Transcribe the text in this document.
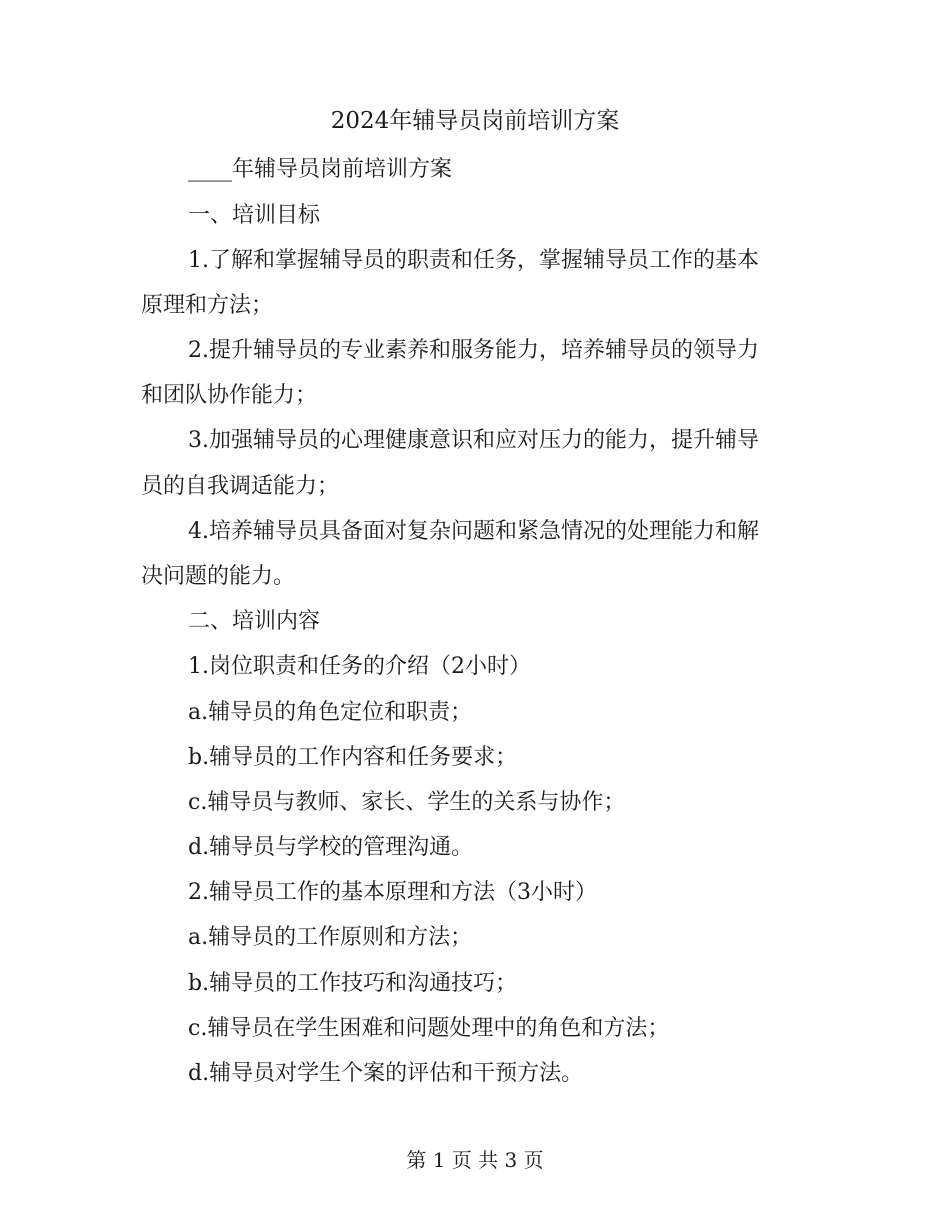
2024年辅导员岗前培训方案
____年辅导员岗前培训方案
一、培训目标
1.了解和掌握辅导员的职责和任务，掌握辅导员工作的基本
原理和方法；
2.提升辅导员的专业素养和服务能力，培养辅导员的领导力
和团队协作能力；
3.加强辅导员的心理健康意识和应对压力的能力，提升辅导
员的自我调适能力；
4.培养辅导员具备面对复杂问题和紧急情况的处理能力和解
决问题的能力。
二、培训内容
1.岗位职责和任务的介绍（2小时）
a.辅导员的角色定位和职责；
b.辅导员的工作内容和任务要求；
c.辅导员与教师、家长、学生的关系与协作；
d.辅导员与学校的管理沟通。
2.辅导员工作的基本原理和方法（3小时）
a.辅导员的工作原则和方法；
b.辅导员的工作技巧和沟通技巧；
c.辅导员在学生困难和问题处理中的角色和方法；
d.辅导员对学生个案的评估和干预方法。
第 1 页 共 3 页
